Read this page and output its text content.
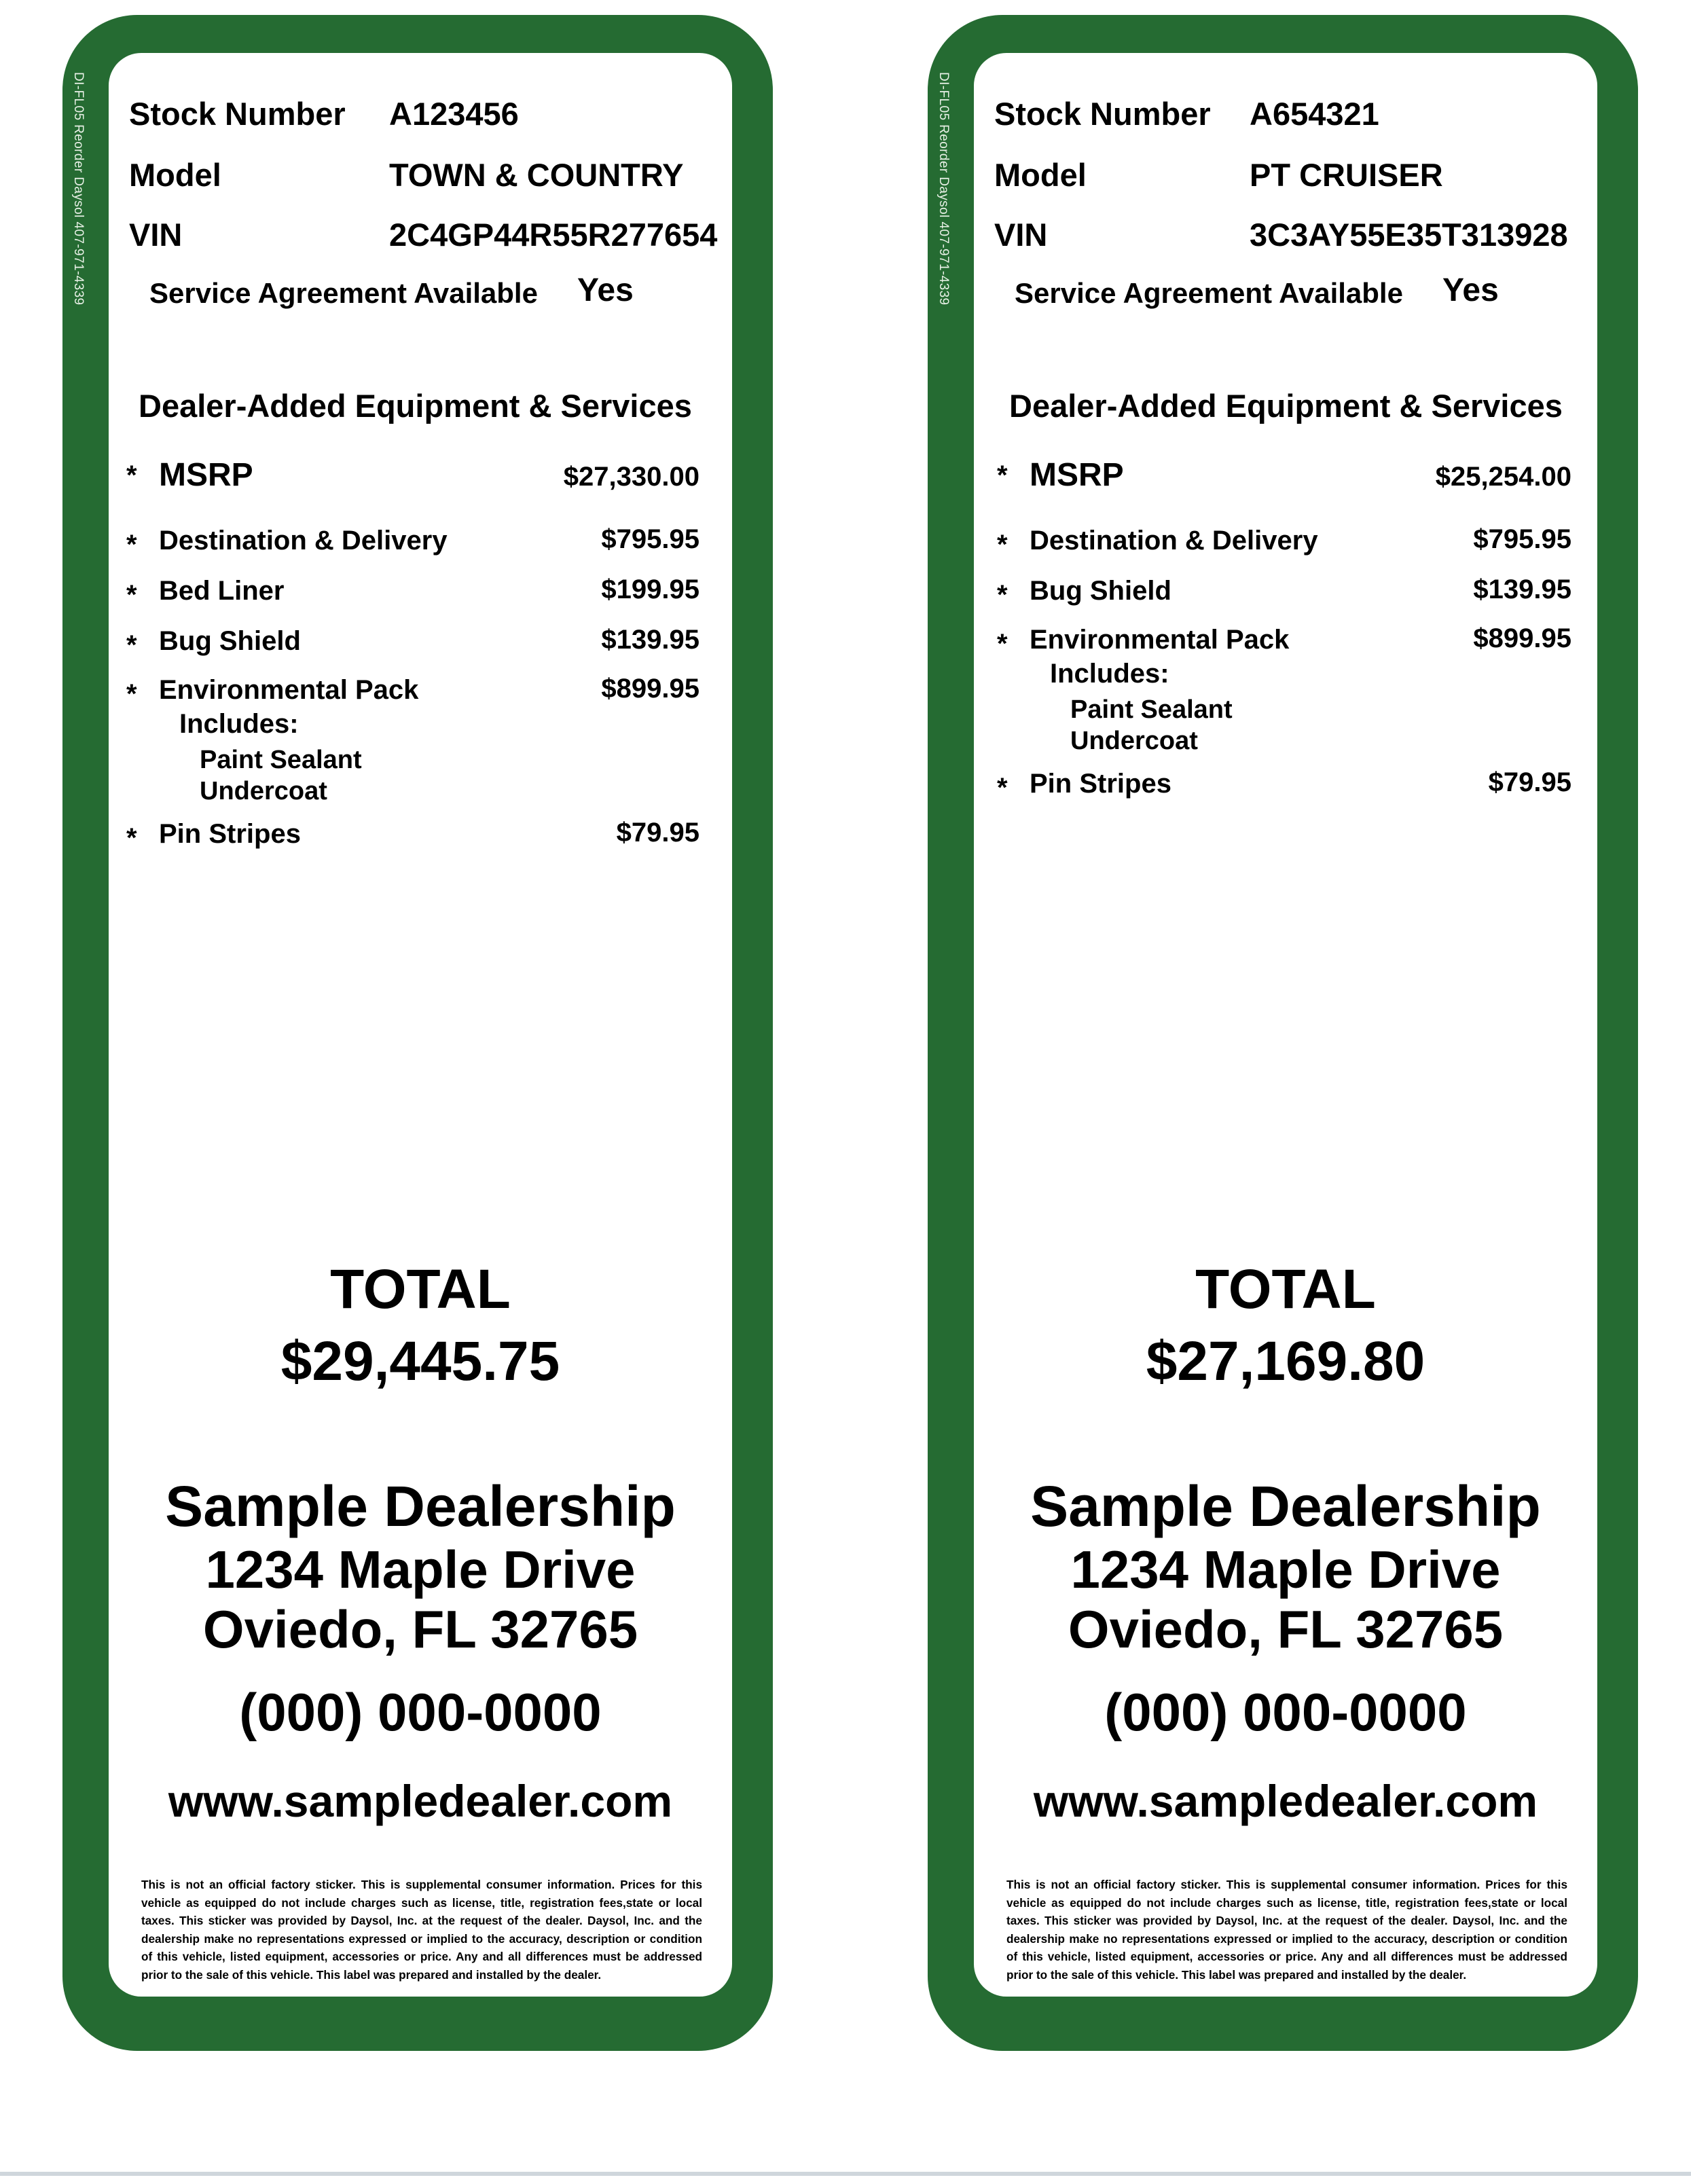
DI-FL05 Reorder Daysol 407-971-4339 Stock Number A123456
Model	TOWN & COUNTRY
VIN	2C4GP44R55R277654
Service Agreement Available Yes
Dealer-Added Equipment & Services
* MSRP	$27,330.00
* Destination & Delivery	$795.95
* Bed Liner	$199.95
* Bug Shield	$139.95
* Environmental Pack	$899.95
Includes:
Paint Sealant
Undercoat
* Pin Stripes	$79.95
TOTAL
$29,445.75
Sample Dealership
1234 Maple Drive
Oviedo, FL 32765
(000) 000-0000
www.sampledealer.com
This is not an official factory sticker. This is supplemental consumer information. Prices for this vehicle as equipped do not include charges such as license, title, registration fees,state or local taxes. This sticker was provided by Daysol, Inc. at the request of the dealer. Daysol, Inc. and the dealership make no representations expressed or implied to the accuracy, description or condition of this vehicle, listed equipment, accessories or price. Any and all differences must be addressed prior to the sale of this vehicle. This label was prepared and installed by the dealer.
DI-FL05 Reorder Daysol 407-971-4339 Stock Number A654321
Model	PT CRUISER
VIN	3C3AY55E35T313928
Service Agreement Available Yes
Dealer-Added Equipment & Services
* MSRP	$25,254.00
* Destination & Delivery	$795.95
* Bug Shield	$139.95
* Environmental Pack	$899.95
Includes:
Paint Sealant
Undercoat
* Pin Stripes	$79.95
TOTAL
$27,169.80
Sample Dealership
1234 Maple Drive
Oviedo, FL 32765
(000) 000-0000
www.sampledealer.com
This is not an official factory sticker. This is supplemental consumer information. Prices for this vehicle as equipped do not include charges such as license, title, registration fees,state or local taxes. This sticker was provided by Daysol, Inc. at the request of the dealer. Daysol, Inc. and the dealership make no representations expressed or implied to the accuracy, description or condition of this vehicle, listed equipment, accessories or price. Any and all differences must be addressed prior to the sale of this vehicle. This label was prepared and installed by the dealer.
